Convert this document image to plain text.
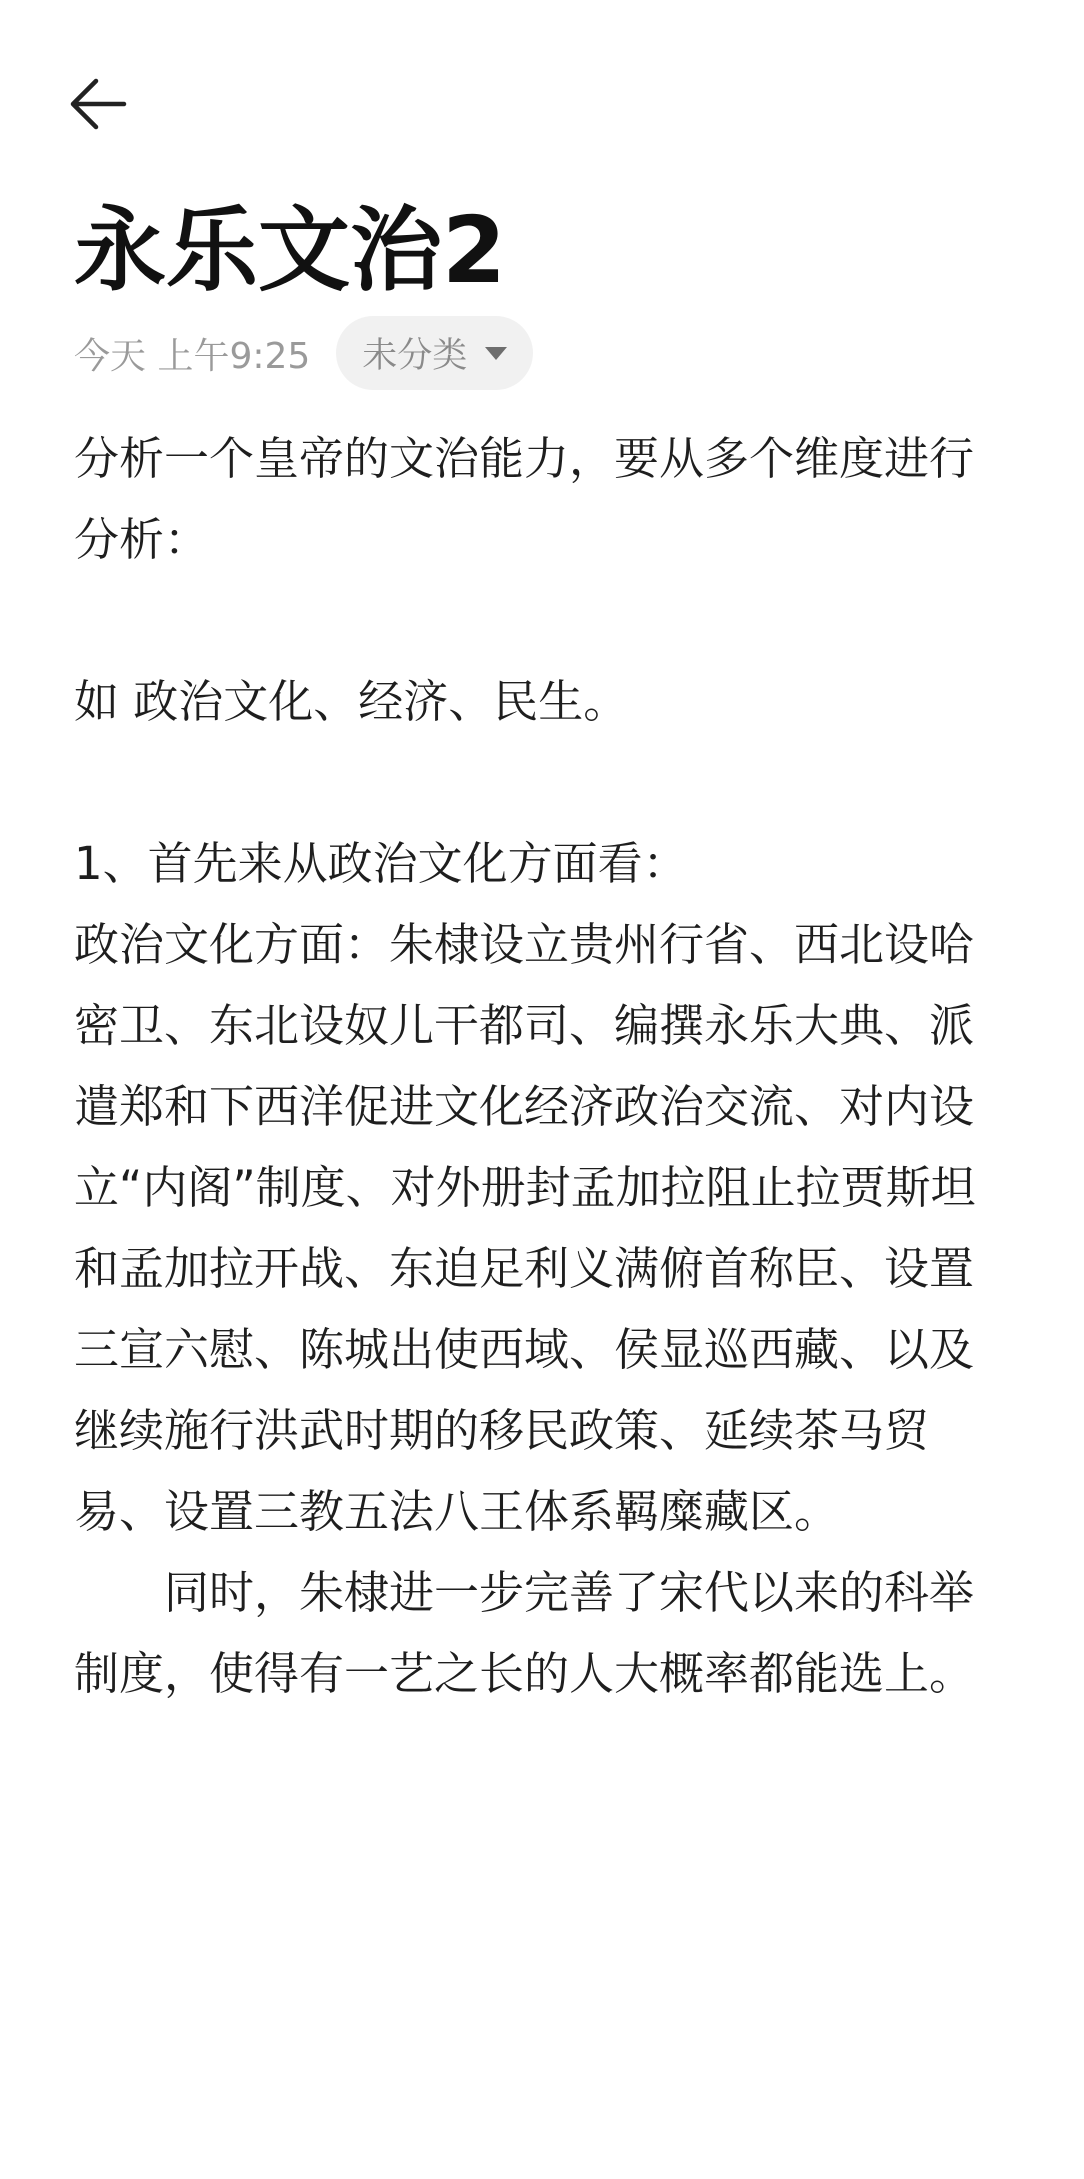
永乐文治2
今天 上午9:25 未分类

分析一个皇帝的文治能力，要从多个维度进行分析：

如 政治文化、经济、民生。

1、首先来从政治文化方面看：

政治文化方面：朱棣设立贵州行省、西北设哈密卫、东北设奴儿干都司、编撰永乐大典、派遣郑和下西洋促进文化经济政治交流、对内设立“内阁”制度、对外册封孟加拉阻止拉贾斯坦和孟加拉开战、东迫足利义满俯首称臣、设置三宣六慰、陈城出使西域、侯显巡西藏、以及继续施行洪武时期的移民政策、延续茶马贸易、设置三教五法八王体系羁糜藏区。

同时，朱棣进一步完善了宋代以来的科举制度，使得有一艺之长的人大概率都能选上。
